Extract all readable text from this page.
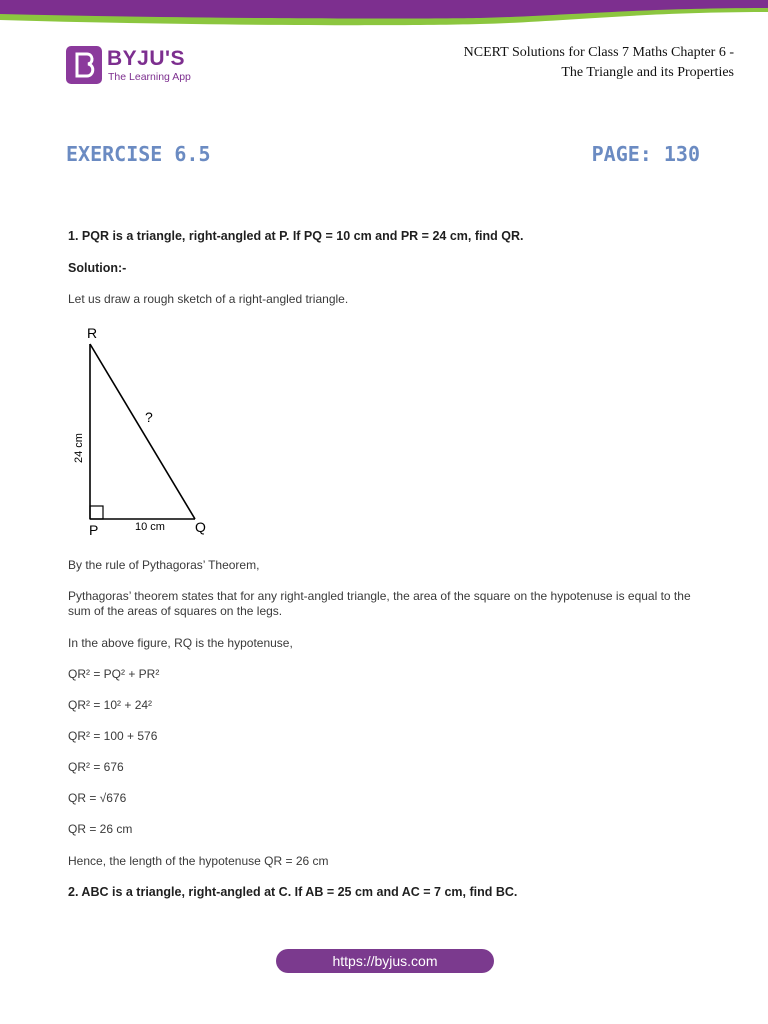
BYJU'S
The Learning App
NCERT Solutions for Class 7 Maths Chapter 6 -
The Triangle and its Properties
EXERCISE 6.5	PAGE: 130
1. PQR is a triangle, right-angled at P. If PQ = 10 cm and PR = 24 cm, find QR.
Solution:-
Let us draw a rough sketch of a right-angled triangle.
R
P	Q
?
10 cm
24 cm
By the rule of Pythagoras’ Theorem,
Pythagoras’ theorem states that for any right-angled triangle, the area of the square on the hypotenuse is equal to the sum of the areas of squares on the legs.
In the above figure, RQ is the hypotenuse,
QR² = PQ² + PR²
QR² = 10² + 24²
QR² = 100 + 576
QR² = 676
QR = √676
QR = 26 cm
Hence, the length of the hypotenuse QR = 26 cm
2. ABC is a triangle, right-angled at C. If AB = 25 cm and AC = 7 cm, find BC.
https://byjus.com
